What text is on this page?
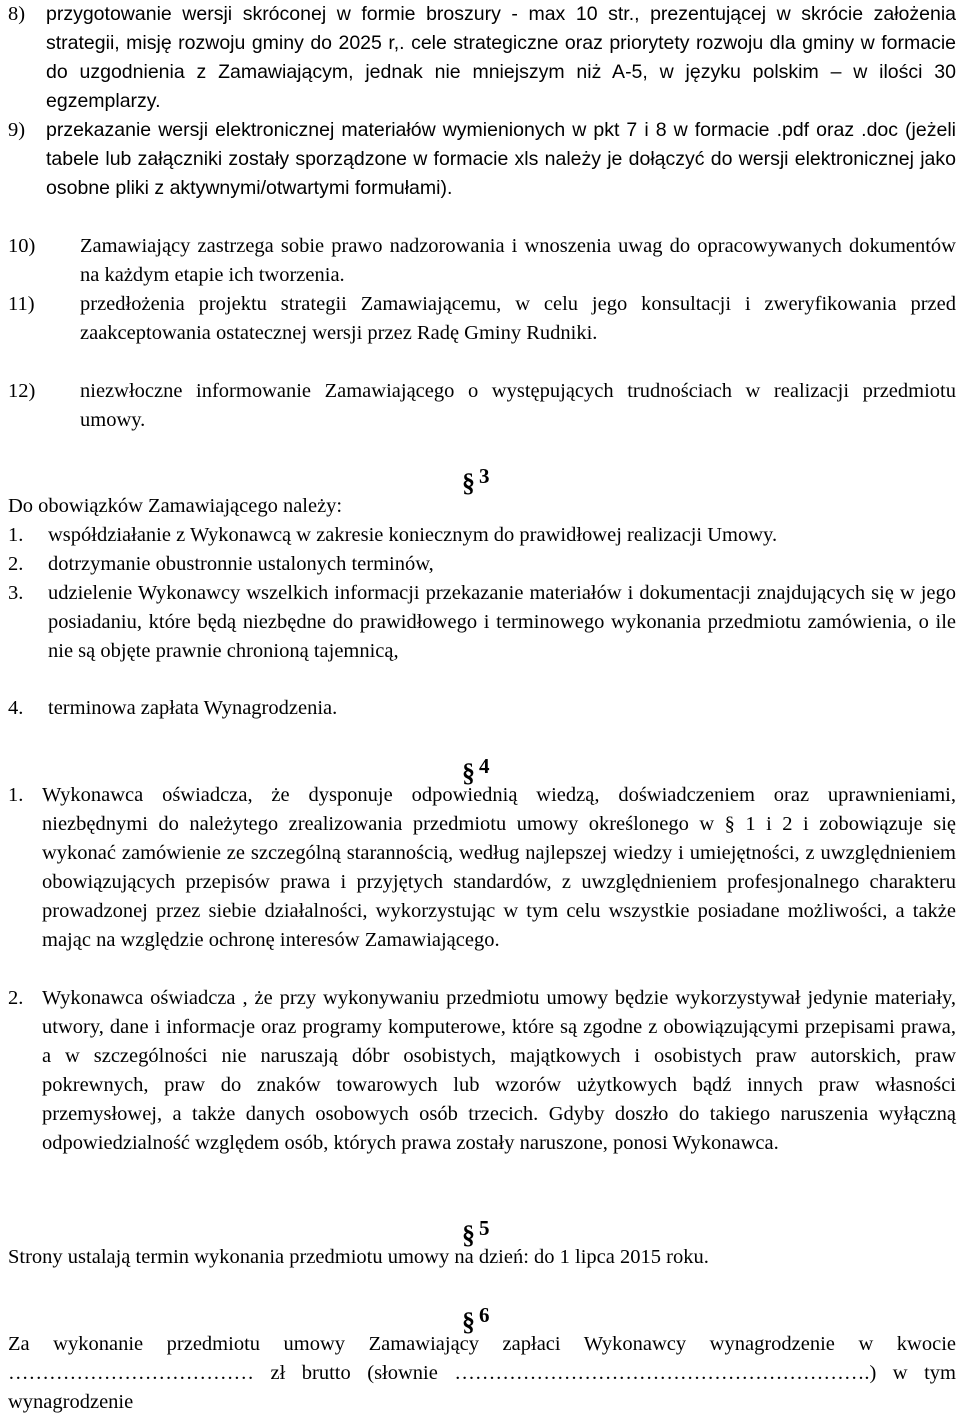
8)	przygotowanie wersji skróconej w formie broszury - max 10 str., prezentującej w skrócie założenia strategii, misję rozwoju gminy do 2025 r,. cele strategiczne oraz priorytety rozwoju dla gminy w formacie do uzgodnienia z Zamawiającym, jednak nie mniejszym niż A-5, w języku polskim – w ilości 30 egzemplarzy.
9)	przekazanie wersji elektronicznej materiałów wymienionych w pkt 7 i 8 w formacie .pdf oraz .doc (jeżeli tabele lub załączniki zostały sporządzone w formacie xls należy je dołączyć do wersji elektronicznej jako osobne pliki z aktywnymi/otwartymi formułami).
10)	Zamawiający zastrzega sobie prawo nadzorowania i wnoszenia uwag do opracowywanych dokumentów na każdym etapie ich tworzenia.
11)	przedłożenia projektu strategii Zamawiającemu, w celu jego konsultacji i zweryfikowania przed zaakceptowania ostatecznej wersji przez Radę Gminy Rudniki.
12)	niezwłoczne informowanie Zamawiającego o występujących trudnościach w realizacji przedmiotu umowy.
§ 3
Do obowiązków Zamawiającego należy:
1.	współdziałanie z Wykonawcą w zakresie koniecznym do prawidłowej realizacji Umowy.
2.	dotrzymanie obustronnie ustalonych terminów,
3.	udzielenie Wykonawcy wszelkich informacji przekazanie materiałów i dokumentacji znajdujących się w jego posiadaniu, które będą niezbędne do prawidłowego i terminowego wykonania przedmiotu zamówienia, o ile nie są objęte prawnie chronioną tajemnicą,
4.	terminowa zapłata Wynagrodzenia.
§ 4
1. Wykonawca oświadcza, że dysponuje odpowiednią wiedzą, doświadczeniem oraz uprawnieniami, niezbędnymi do należytego zrealizowania przedmiotu umowy określonego w § 1 i 2 i zobowiązuje się wykonać zamówienie ze szczególną starannością, według najlepszej wiedzy i umiejętności, z uwzględnieniem obowiązujących przepisów prawa i przyjętych standardów, z uwzględnieniem profesjonalnego charakteru prowadzonej przez siebie działalności, wykorzystując w tym celu wszystkie posiadane możliwości, a także mając na względzie ochronę interesów Zamawiającego.
2. Wykonawca oświadcza , że przy wykonywaniu przedmiotu umowy będzie wykorzystywał jedynie materiały, utwory, dane i informacje oraz programy komputerowe, które są zgodne z obowiązującymi przepisami prawa, a w szczególności nie naruszają dóbr osobistych, majątkowych i osobistych praw autorskich, praw pokrewnych, praw do znaków towarowych lub wzorów użytkowych bądź innych praw własności przemysłowej, a także danych osobowych osób trzecich. Gdyby doszło do takiego naruszenia wyłączną odpowiedzialność względem osób, których prawa zostały naruszone, ponosi Wykonawca.
§ 5
Strony ustalają termin wykonania przedmiotu umowy na dzień: do 1 lipca 2015 roku.
§ 6
Za wykonanie przedmiotu umowy Zamawiający zapłaci Wykonawcy wynagrodzenie w kwocie ……………………………… zł brutto (słownie …………………………………………………….) w tym wynagrodzenie
